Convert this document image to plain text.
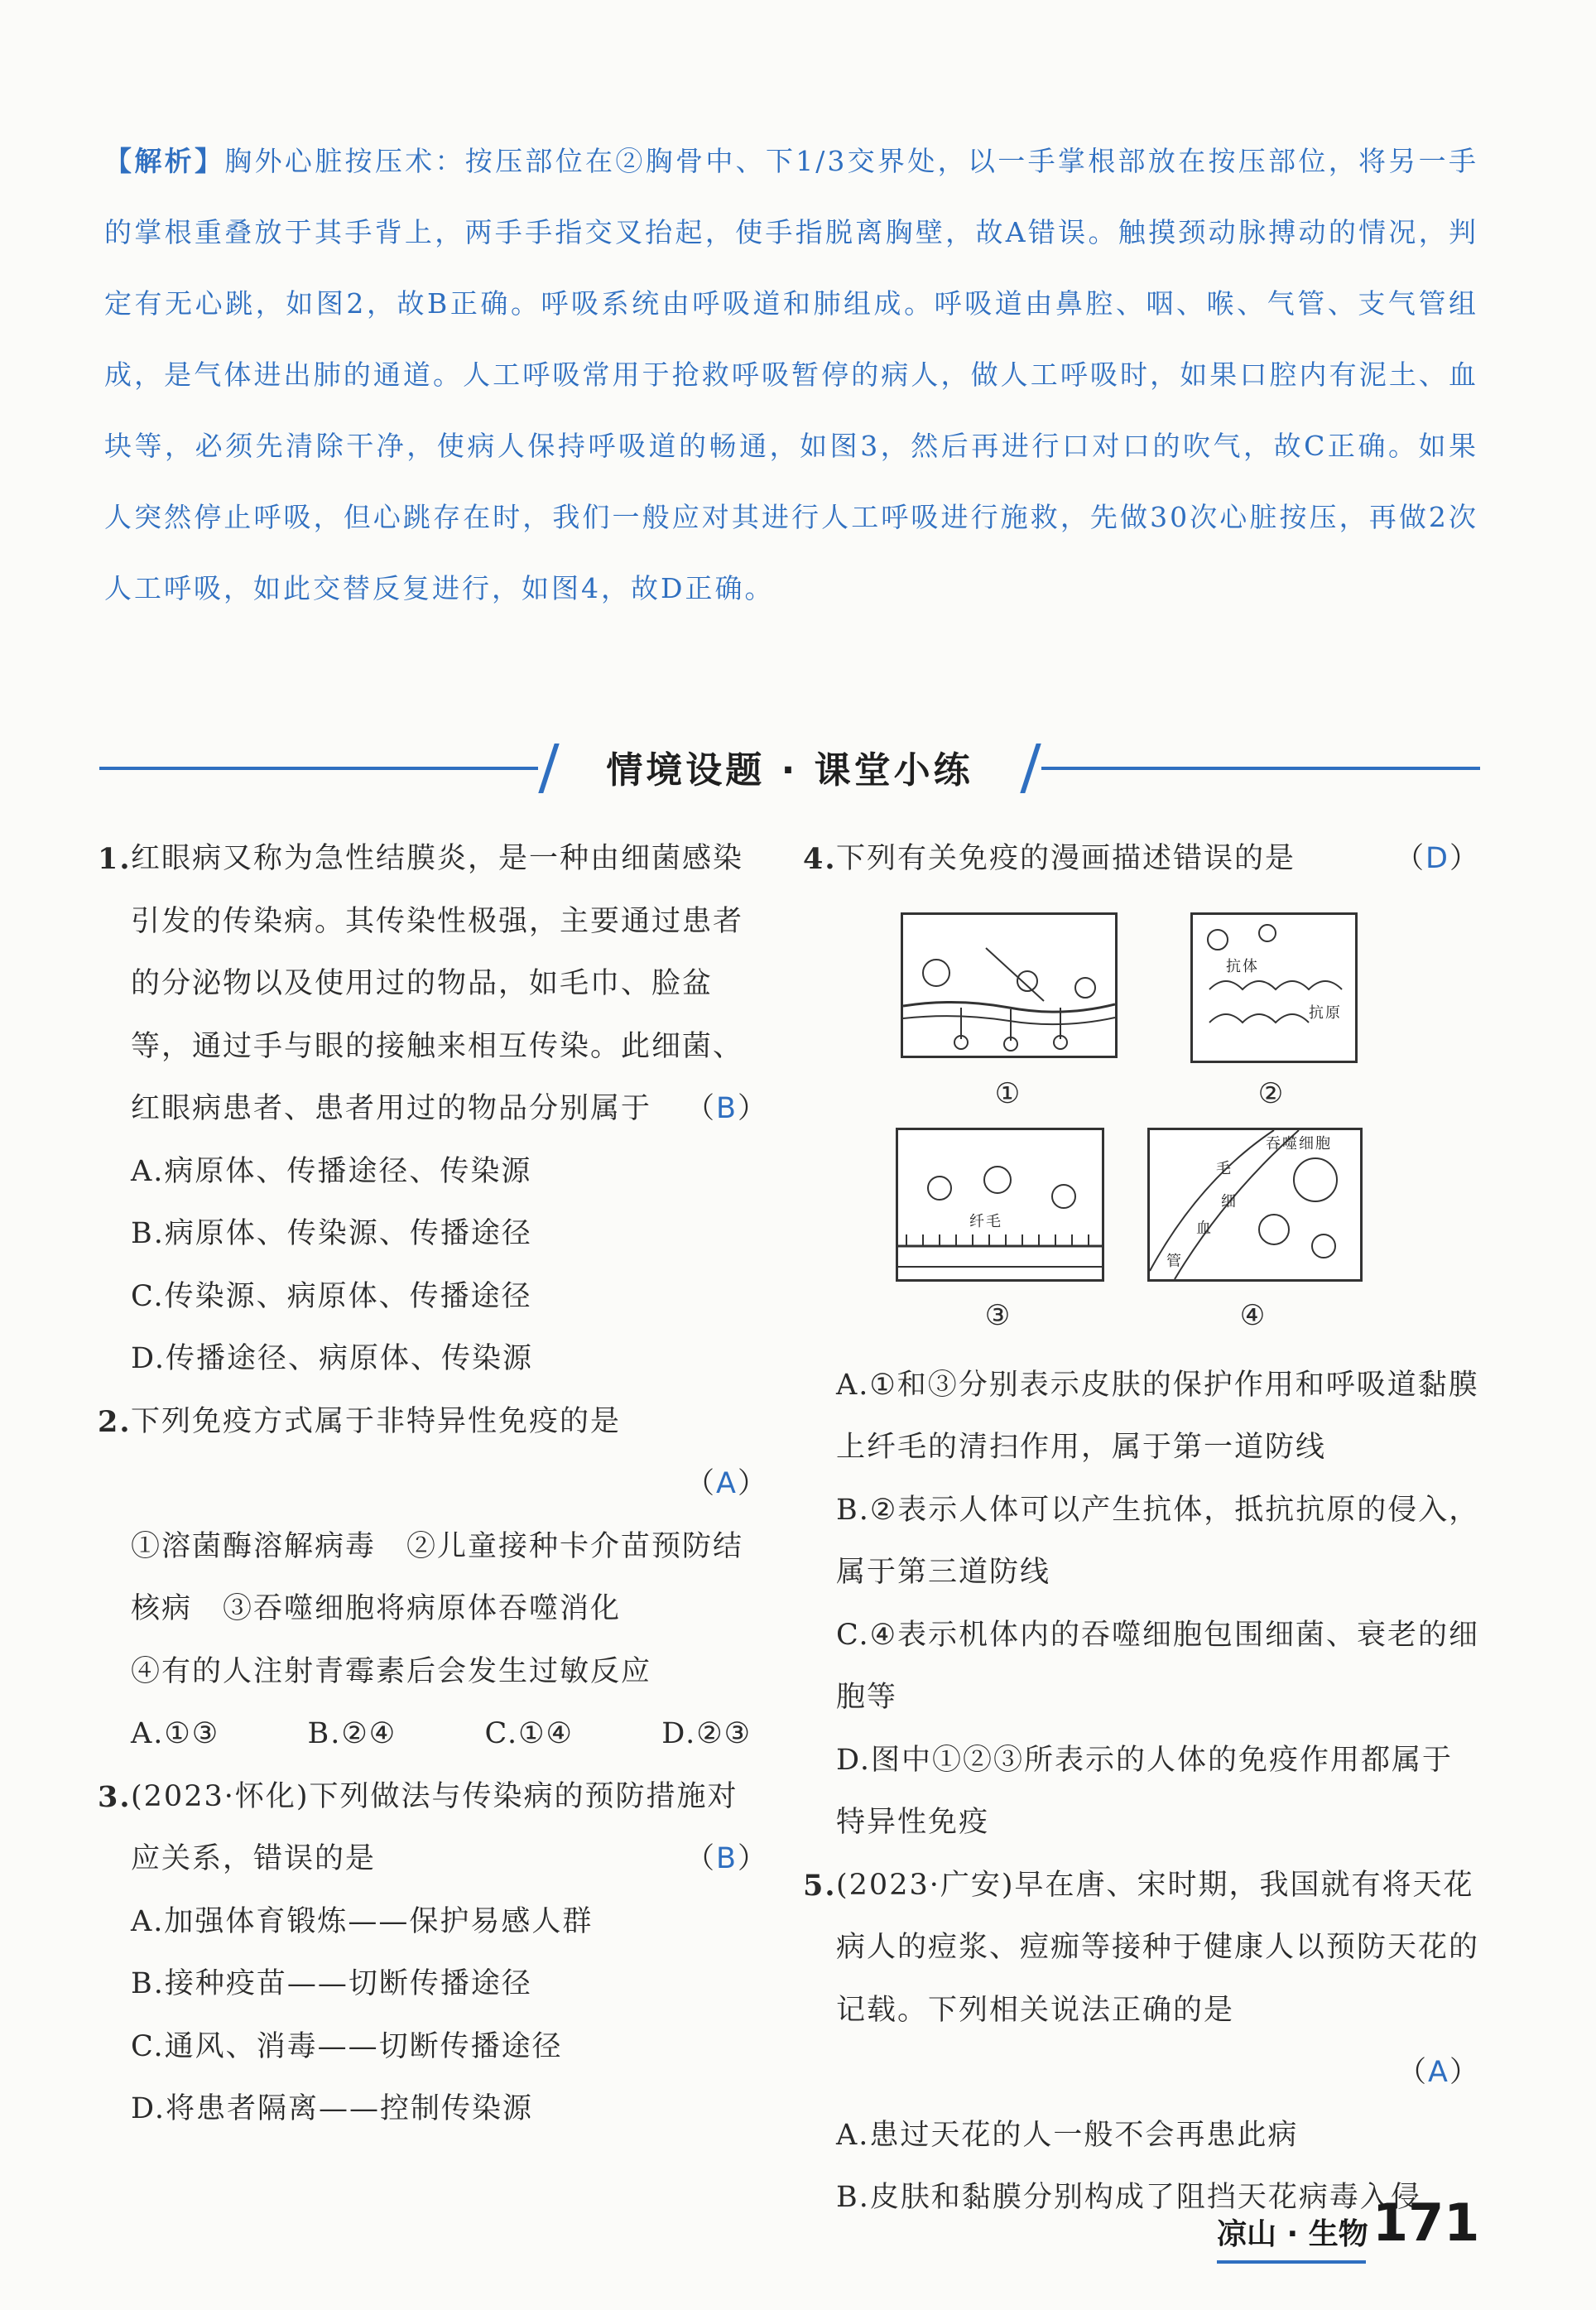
【解析】胸外心脏按压术：按压部位在②胸骨中、下1/3交界处，以一手掌根部放在按压部位，将另一手的掌根重叠放于其手背上，两手手指交叉抬起，使手指脱离胸壁，故A错误。触摸颈动脉搏动的情况，判定有无心跳，如图2，故B正确。呼吸系统由呼吸道和肺组成。呼吸道由鼻腔、咽、喉、气管、支气管组成，是气体进出肺的通道。人工呼吸常用于抢救呼吸暂停的病人，做人工呼吸时，如果口腔内有泥土、血块等，必须先清除干净，使病人保持呼吸道的畅通，如图3，然后再进行口对口的吹气，故C正确。如果人突然停止呼吸，但心跳存在时，我们一般应对其进行人工呼吸进行施救，先做30次心脏按压，再做2次人工呼吸，如此交替反复进行，如图4，故D正确。
情境设题 · 课堂小练
1. 红眼病又称为急性结膜炎，是一种由细菌感染引发的传染病。其传染性极强，主要通过患者的分泌物以及使用过的物品，如毛巾、脸盆等，通过手与眼的接触来相互传染。此细菌、红眼病患者、患者用过的物品分别属于 （B）
A.病原体、传播途径、传染源
B.病原体、传染源、传播途径
C.传染源、病原体、传播途径
D.传播途径、病原体、传染源
2. 下列免疫方式属于非特异性免疫的是
（A）
①溶菌酶溶解病毒　②儿童接种卡介苗预防结核病　③吞噬细胞将病原体吞噬消化
④有的人注射青霉素后会发生过敏反应
A.①③	B.②④	C.①④	D.②③
3. (2023·怀化)下列做法与传染病的预防措施对应关系，错误的是	（B）
A.加强体育锻炼——保护易感人群
B.接种疫苗——切断传播途径
C.通风、消毒——切断传播途径
D.将患者隔离——控制传染源
4. 下列有关免疫的漫画描述错误的是	（D）
抗体
抗原
纤毛
吞噬细胞
毛
细
血
管
①	②
③	④
A.①和③分别表示皮肤的保护作用和呼吸道黏膜上纤毛的清扫作用，属于第一道防线
B.②表示人体可以产生抗体，抵抗抗原的侵入，属于第三道防线
C.④表示机体内的吞噬细胞包围细菌、衰老的细胞等
D.图中①②③所表示的人体的免疫作用都属于特异性免疫
5. (2023·广安)早在唐、宋时期，我国就有将天花病人的痘浆、痘痂等接种于健康人以预防天花的记载。下列相关说法正确的是
（A）
A.患过天花的人一般不会再患此病
B.皮肤和黏膜分别构成了阻挡天花病毒入侵
凉山 · 生物 171
